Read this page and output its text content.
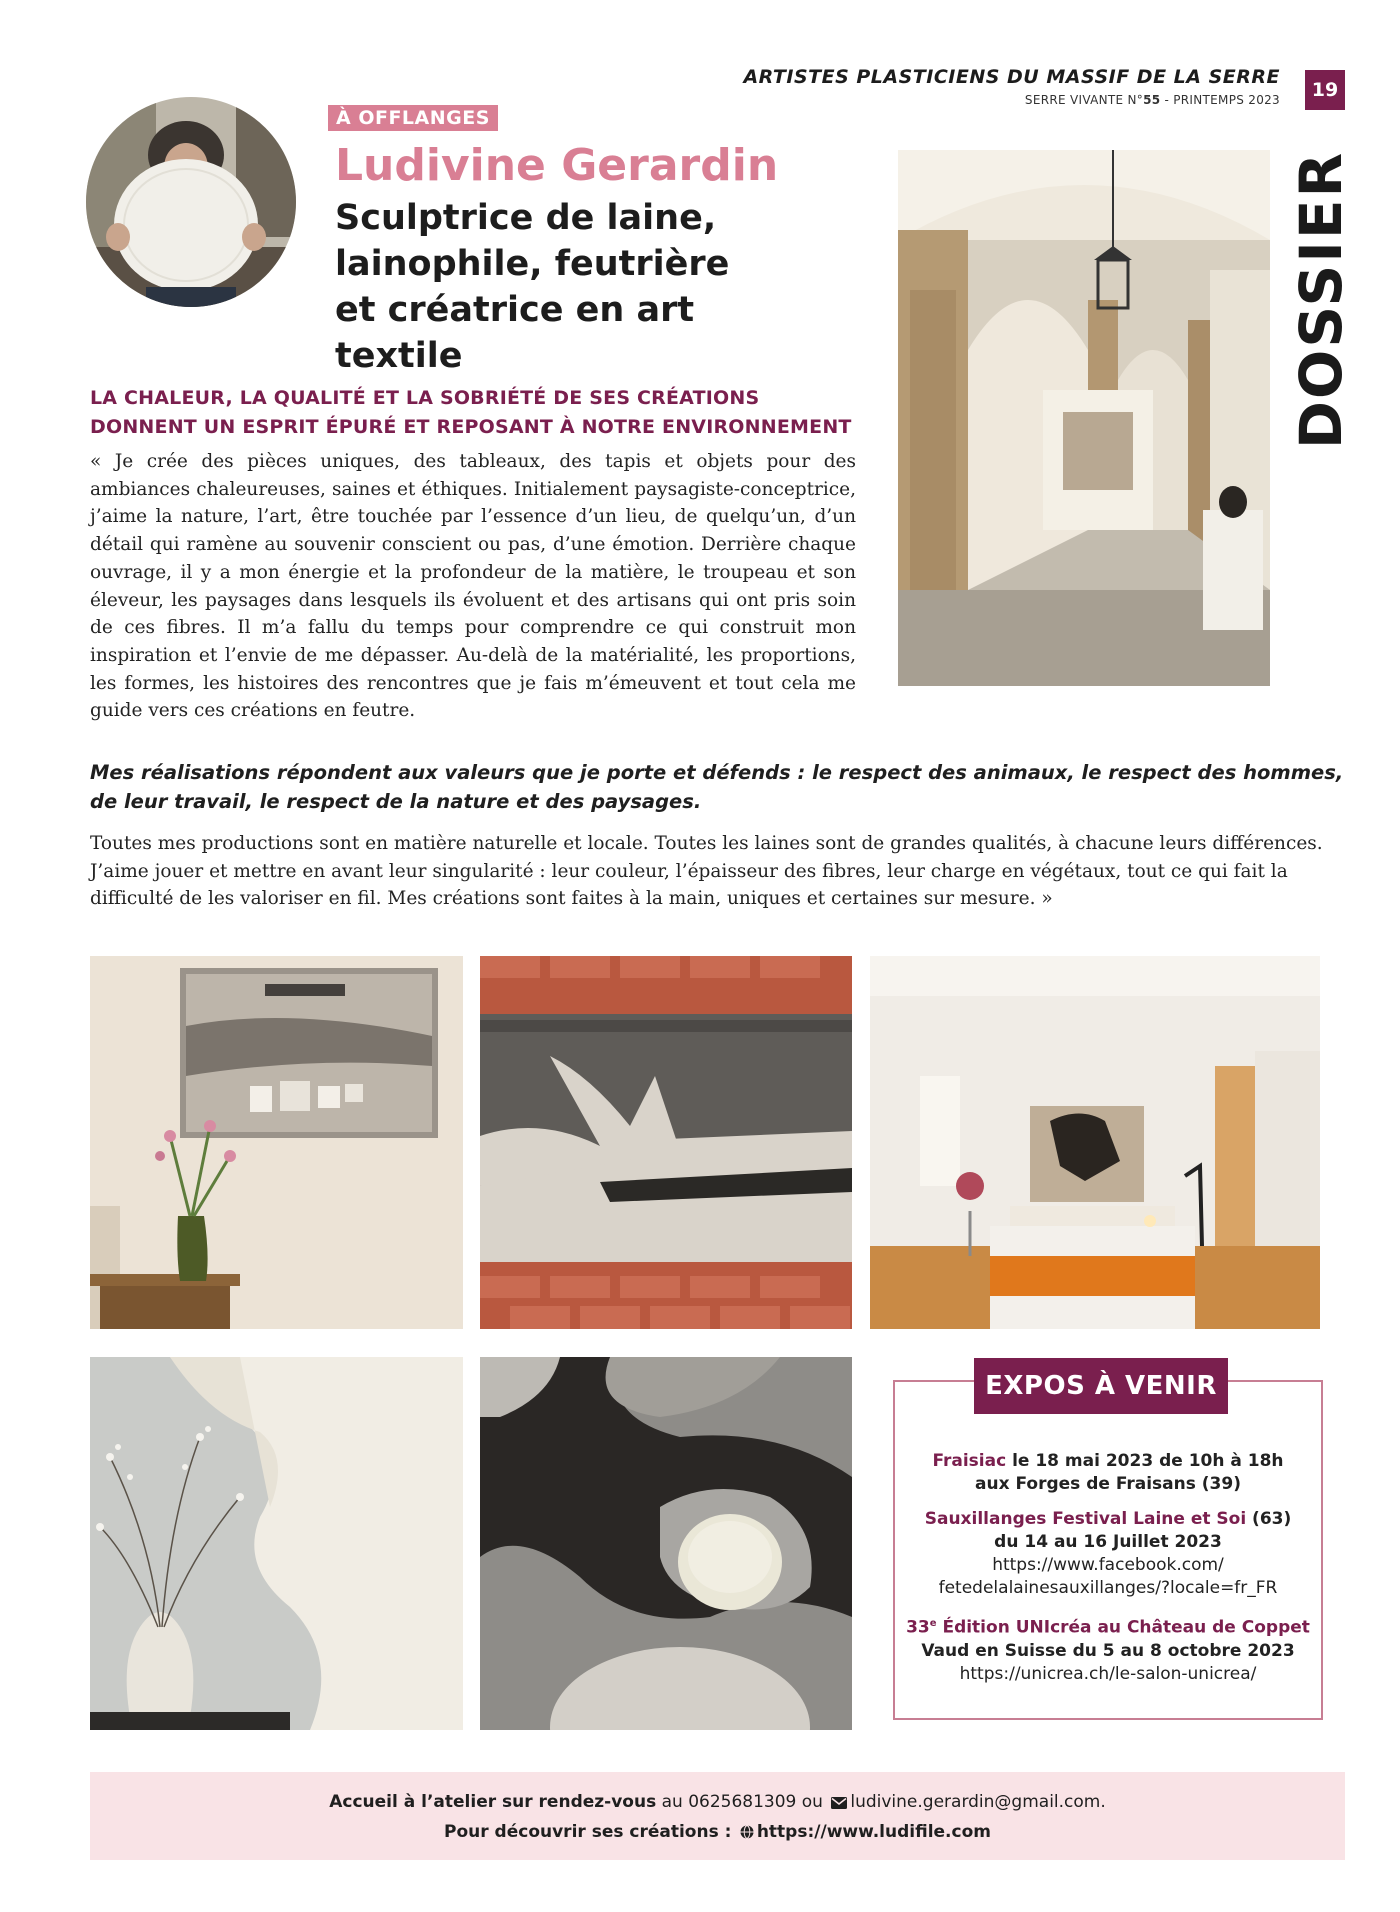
ARTISTES PLASTICIENS DU MASSIF DE LA SERRE
SERRE VIVANTE N°55 - PRINTEMPS 2023	19
DOSSIER
À OFFLANGES
Ludivine Gerardin
Sculptrice de laine, lainophile, feutrière et créatrice en art textile
LA CHALEUR, LA QUALITÉ ET LA SOBRIÉTÉ DE SES CRÉATIONS DONNENT UN ESPRIT ÉPURÉ ET REPOSANT À NOTRE ENVIRONNEMENT
« Je crée des pièces uniques, des tableaux, des tapis et objets pour des ambiances chaleureuses, saines et éthiques. Initialement paysagiste-conceptrice, j’aime la nature, l’art, être touchée par l’essence d’un lieu, de quelqu’un, d’un détail qui ramène au souvenir conscient ou pas, d’une émotion. Derrière chaque ouvrage, il y a mon énergie et la profondeur de la matière, le troupeau et son éleveur, les paysages dans lesquels ils évoluent et des artisans qui ont pris soin de ces fibres. Il m’a fallu du temps pour comprendre ce qui construit mon inspiration et l’envie de me dépasser. Au-delà de la matérialité, les proportions, les formes, les histoires des rencontres que je fais m’émeuvent et tout cela me guide vers ces créations en feutre.
Mes réalisations répondent aux valeurs que je porte et défends : le respect des animaux, le respect des hommes, de leur travail, le respect de la nature et des paysages.
Toutes mes productions sont en matière naturelle et locale. Toutes les laines sont de grandes qualités, à chacune leurs différences. J’aime jouer et mettre en avant leur singularité : leur couleur, l’épaisseur des fibres, leur charge en végétaux, tout ce qui fait la difficulté de les valoriser en fil. Mes créations sont faites à la main, uniques et certaines sur mesure. »
EXPOS À VENIR
Fraisiac le 18 mai 2023 de 10h à 18h
aux Forges de Fraisans (39)
Sauxillanges Festival Laine et Soi (63)
du 14 au 16 Juillet 2023
https://www.facebook.com/
fetedelalainesauxillanges/?locale=fr_FR
33e Édition UNIcréa au Château de Coppet
Vaud en Suisse du 5 au 8 octobre 2023
https://unicrea.ch/le-salon-unicrea/
Accueil à l’atelier sur rendez-vous au 0625681309 ou ludivine.gerardin@gmail.com.
Pour découvrir ses créations : https://www.ludifile.com
